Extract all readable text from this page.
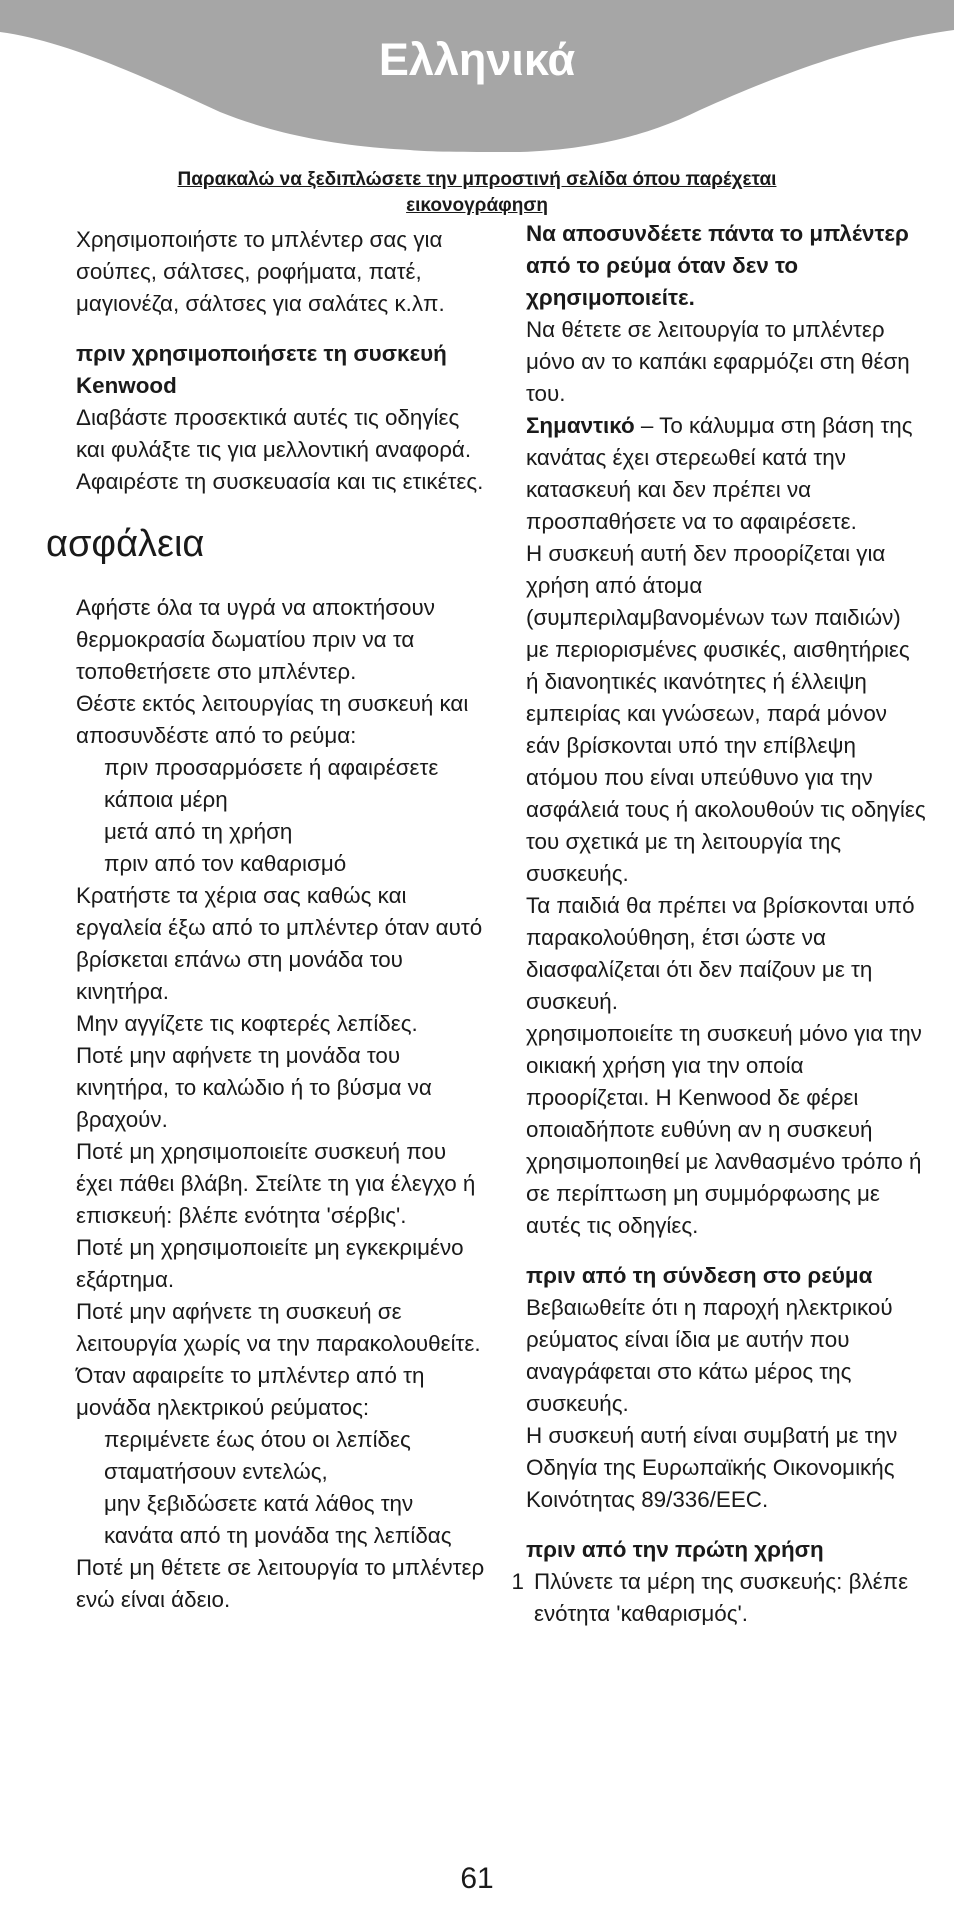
Ελληνικά
Παρακαλώ να ξεδιπλώσετε την μπροστινή σελίδα όπου παρέχεται
εικονογράφηση

Χρησιμοποιήστε το μπλέντερ σας για σούπες, σάλτσες, ροφήματα, πατέ, μαγιονέζα, σάλτσες για σαλάτες κ.λπ.

πριν χρησιμοποιήσετε τη συσκευή Kenwood

Διαβάστε προσεκτικά αυτές τις οδηγίες και φυλάξτε τις για μελλοντική αναφορά.

Αφαιρέστε τη συσκευασία και τις ετικέτες.

ασφάλεια

Αφήστε όλα τα υγρά να αποκτήσουν θερμοκρασία δωματίου πριν να τα τοποθετήσετε στο μπλέντερ.

Θέστε εκτός λειτουργίας τη συσκευή και αποσυνδέστε από το ρεύμα:

πριν προσαρμόσετε ή αφαιρέσετε κάποια μέρη

μετά από τη χρήση

πριν από τον καθαρισμό

Κρατήστε τα χέρια σας καθώς και εργαλεία έξω από το μπλέντερ όταν αυτό βρίσκεται επάνω στη μονάδα του κινητήρα.

Μην αγγίζετε τις κοφτερές λεπίδες.

Ποτέ μην αφήνετε τη μονάδα του κινητήρα, το καλώδιο ή το βύσμα να βραχούν.

Ποτέ μη χρησιμοποιείτε συσκευή που έχει πάθει βλάβη. Στείλτε τη για έλεγχο ή επισκευή: βλέπε ενότητα 'σέρβις'.

Ποτέ μη χρησιμοποιείτε μη εγκεκριμένο εξάρτημα.

Ποτέ μην αφήνετε τη συσκευή σε λειτουργία χωρίς να την παρακολουθείτε.

Όταν αφαιρείτε το μπλέντερ από τη μονάδα ηλεκτρικού ρεύματος:

περιμένετε έως ότου οι λεπίδες σταματήσουν εντελώς,

μην ξεβιδώσετε κατά λάθος την κανάτα από τη μονάδα της λεπίδας

Ποτέ μη θέτετε σε λειτουργία το μπλέντερ ενώ είναι άδειο.

Να αποσυνδέετε πάντα το μπλέντερ από το ρεύμα όταν δεν το χρησιμοποιείτε.

Να θέτετε σε λειτουργία το μπλέντερ μόνο αν το καπάκι εφαρμόζει στη θέση του.

Σημαντικό – Το κάλυμμα στη βάση της κανάτας έχει στερεωθεί κατά την κατασκευή και δεν πρέπει να προσπαθήσετε να το αφαιρέσετε.

Η συσκευή αυτή δεν προορίζεται για χρήση από άτομα (συμπεριλαμβανομένων των παιδιών) με περιορισμένες φυσικές, αισθητήριες ή διανοητικές ικανότητες ή έλλειψη εμπειρίας και γνώσεων, παρά μόνον εάν βρίσκονται υπό την επίβλεψη ατόμου που είναι υπεύθυνο για την ασφάλειά τους ή ακολουθούν τις οδηγίες του σχετικά με τη λειτουργία της συσκευής.

Τα παιδιά θα πρέπει να βρίσκονται υπό παρακολούθηση, έτσι ώστε να διασφαλίζεται ότι δεν παίζουν με τη συσκευή.

χρησιμοποιείτε τη συσκευή μόνο για την οικιακή χρήση για την οποία προορίζεται. Η Kenwood δε φέρει οποιαδήποτε ευθύνη αν η συσκευή χρησιμοποιηθεί με λανθασμένο τρόπο ή σε περίπτωση μη συμμόρφωσης με αυτές τις οδηγίες.

πριν από τη σύνδεση στο ρεύμα

Βεβαιωθείτε ότι η παροχή ηλεκτρικού ρεύματος είναι ίδια με αυτήν που αναγράφεται στο κάτω μέρος της συσκευής.

Η συσκευή αυτή είναι συμβατή με την Οδηγία της Ευρωπαϊκής Οικονομικής Κοινότητας 89/336/EEC.

πριν από την πρώτη χρήση

1 Πλύνετε τα μέρη της συσκευής: βλέπε ενότητα 'καθαρισμός'.

61
